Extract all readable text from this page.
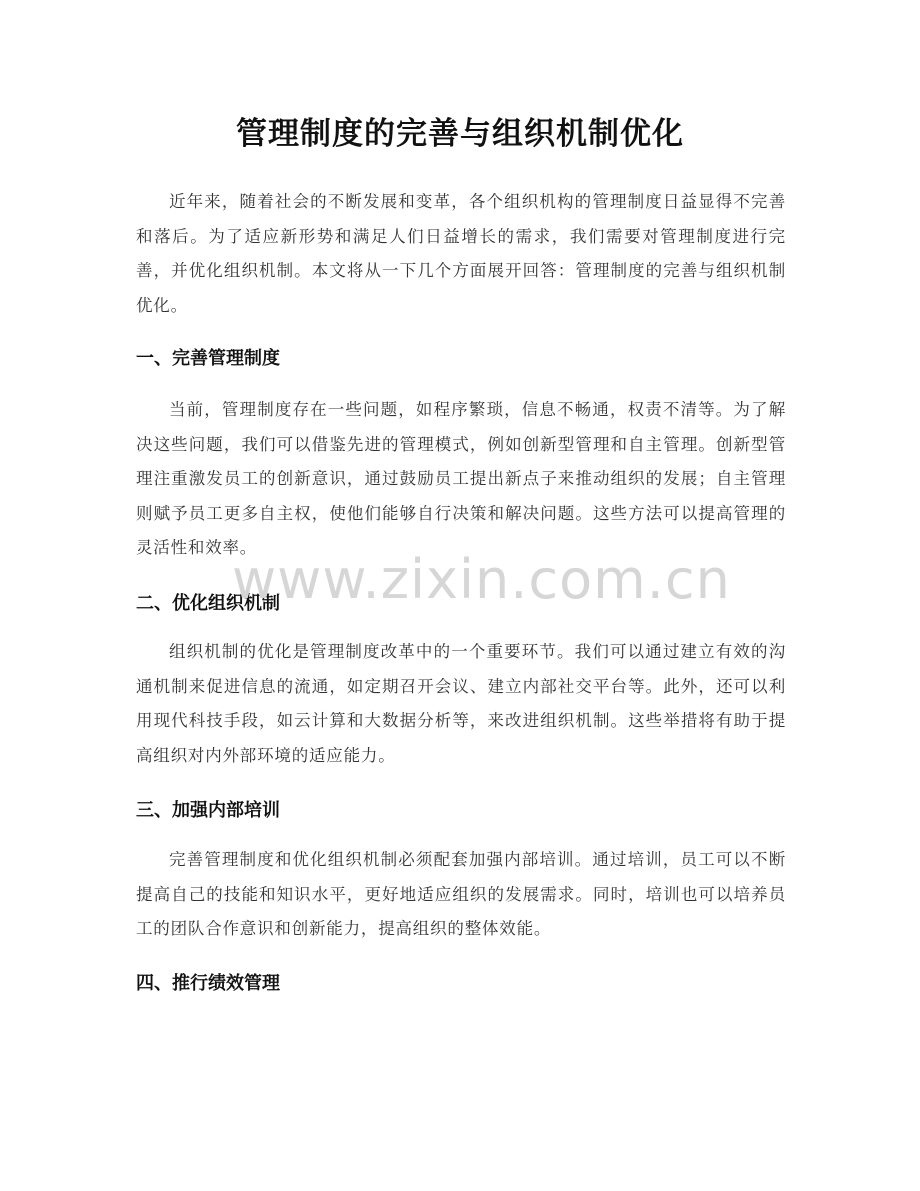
管理制度的完善与组织机制优化
近年来，随着社会的不断发展和变革，各个组织机构的管理制度日益显得不完善和落后。为了适应新形势和满足人们日益增长的需求，我们需要对管理制度进行完善，并优化组织机制。本文将从一下几个方面展开回答：管理制度的完善与组织机制优化。
一、完善管理制度
当前，管理制度存在一些问题，如程序繁琐，信息不畅通，权责不清等。为了解决这些问题，我们可以借鉴先进的管理模式，例如创新型管理和自主管理。创新型管理注重激发员工的创新意识，通过鼓励员工提出新点子来推动组织的发展；自主管理则赋予员工更多自主权，使他们能够自行决策和解决问题。这些方法可以提高管理的灵活性和效率。
二、优化组织机制
组织机制的优化是管理制度改革中的一个重要环节。我们可以通过建立有效的沟通机制来促进信息的流通，如定期召开会议、建立内部社交平台等。此外，还可以利用现代科技手段，如云计算和大数据分析等，来改进组织机制。这些举措将有助于提高组织对内外部环境的适应能力。
三、加强内部培训
完善管理制度和优化组织机制必须配套加强内部培训。通过培训，员工可以不断提高自己的技能和知识水平，更好地适应组织的发展需求。同时，培训也可以培养员工的团队合作意识和创新能力，提高组织的整体效能。
四、推行绩效管理
www.zixin.com.cn
